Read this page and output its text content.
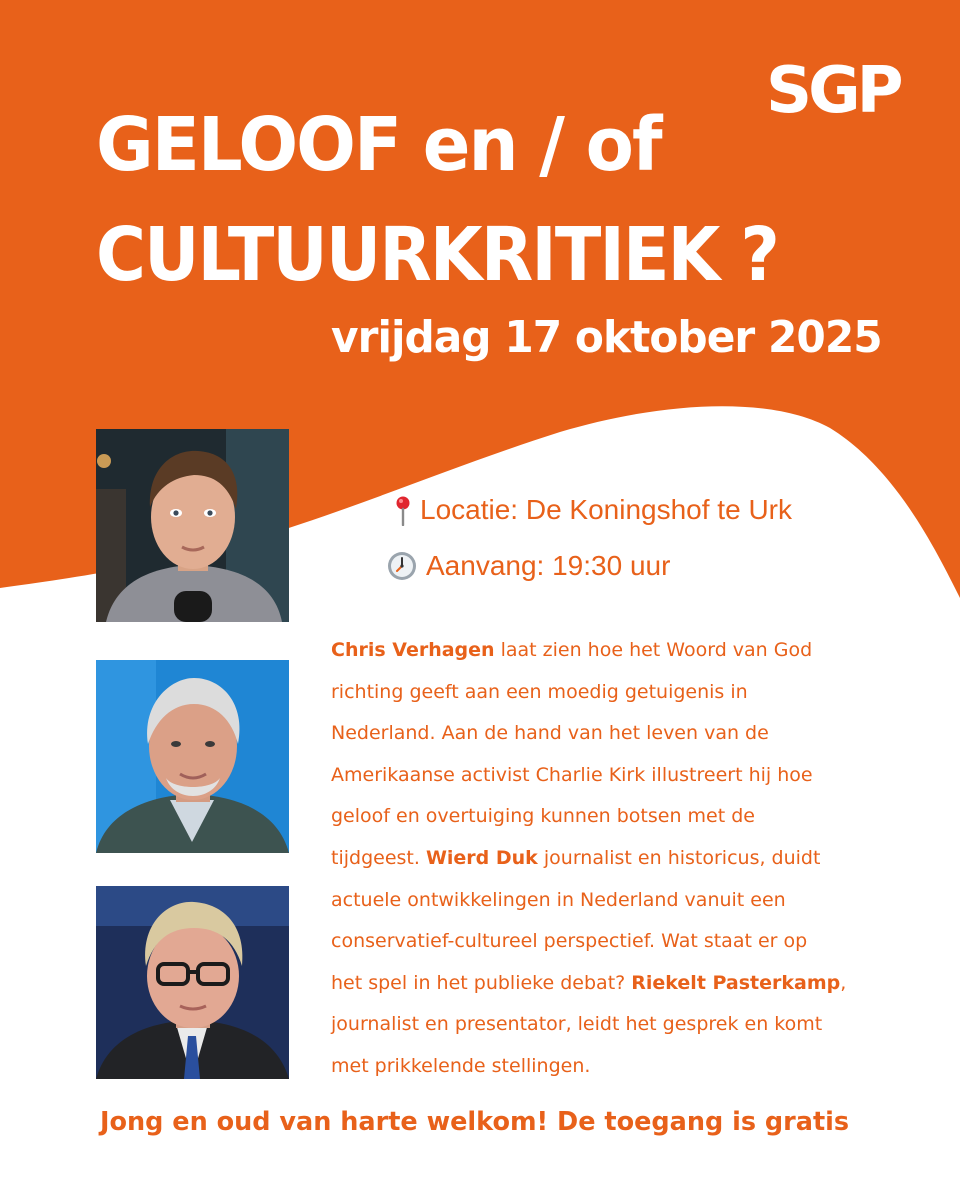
SGP
GELOOF en / of
CULTUURKRITIEK ?
vrijdag 17 oktober 2025
Locatie: De Koningshof te Urk
Aanvang: 19:30 uur
Chris Verhagen laat zien hoe het Woord van God
richting geeft aan een moedig getuigenis in
Nederland. Aan de hand van het leven van de
Amerikaanse activist Charlie Kirk illustreert hij hoe
geloof en overtuiging kunnen botsen met de
tijdgeest. Wierd Duk journalist en historicus, duidt
actuele ontwikkelingen in Nederland vanuit een
conservatief-cultureel perspectief. Wat staat er op
het spel in het publieke debat? Riekelt Pasterkamp,
journalist en presentator, leidt het gesprek en komt
met prikkelende stellingen.
Jong en oud van harte welkom! De toegang is gratis
